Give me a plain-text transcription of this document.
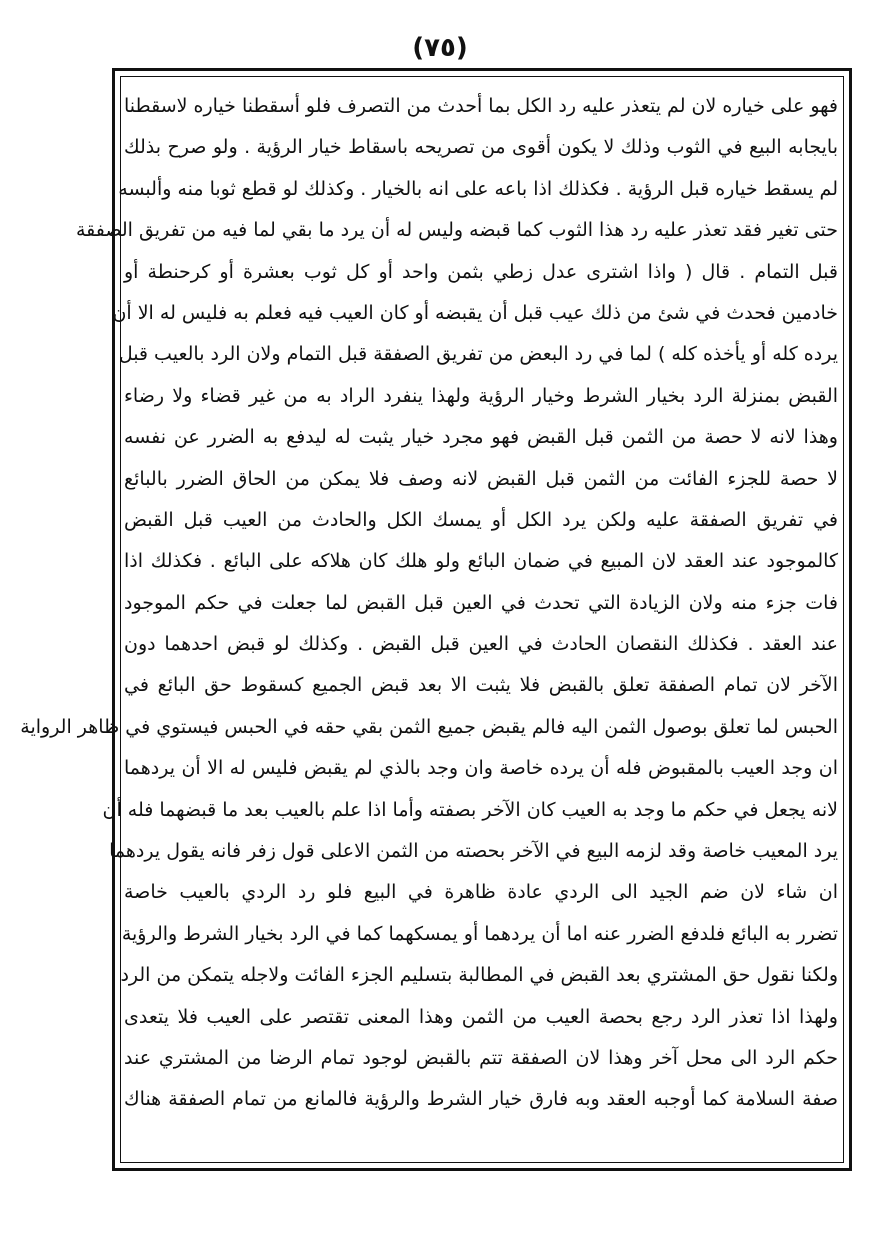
(٧٥)
فهو على خياره لان لم يتعذر عليه رد الكل بما أحدث من التصرف فلو أسقطنا خياره لاسقطنا
بايجابه البيع في الثوب وذلك لا يكون أقوى من تصريحه باسقاط خيار الرؤية . ولو صرح بذلك
لم يسقط خياره قبل الرؤية . فكذلك اذا باعه على انه بالخيار . وكذلك لو قطع ثوبا منه وألبسه
حتى تغير فقد تعذر عليه رد هذا الثوب كما قبضه وليس له أن يرد ما بقي لما فيه من تفريق الصفقة
قبل التمام . قال ( واذا اشترى عدل زطي بثمن واحد أو كل ثوب بعشرة أو كرحنطة أو
خادمين فحدث في شئ من ذلك عيب قبل أن يقبضه أو كان العيب فيه فعلم به فليس له الا أن
يرده كله أو يأخذه كله ) لما في رد البعض من تفريق الصفقة قبل التمام ولان الرد بالعيب قبل
القبض بمنزلة الرد بخيار الشرط وخيار الرؤية ولهذا ينفرد الراد به من غير قضاء ولا رضاء
وهذا لانه لا حصة من الثمن قبل القبض فهو مجرد خيار يثبت له ليدفع به الضرر عن نفسه
لا حصة للجزء الفائت من الثمن قبل القبض لانه وصف فلا يمكن من الحاق الضرر بالبائع
في تفريق الصفقة عليه ولكن يرد الكل أو يمسك الكل والحادث من العيب قبل القبض
كالموجود عند العقد لان المبيع في ضمان البائع ولو هلك كان هلاكه على البائع . فكذلك اذا
فات جزء منه ولان الزيادة التي تحدث في العين قبل القبض لما جعلت في حكم الموجود
عند العقد . فكذلك النقصان الحادث في العين قبل القبض . وكذلك لو قبض احدهما دون
الآخر لان تمام الصفقة تعلق بالقبض فلا يثبت الا بعد قبض الجميع كسقوط حق البائع في
الحبس لما تعلق بوصول الثمن اليه فالم يقبض جميع الثمن بقي حقه في الحبس فيستوي في ظاهر الرواية
ان وجد العيب بالمقبوض فله أن يرده خاصة وان وجد بالذي لم يقبض فليس له الا أن يردهما
لانه يجعل في حكم ما وجد به العيب كان الآخر بصفته وأما اذا علم بالعيب بعد ما قبضهما فله أن
يرد المعيب خاصة وقد لزمه البيع في الآخر بحصته من الثمن الاعلى قول زفر فانه يقول يردهما
ان شاء لان ضم الجيد الى الردي عادة ظاهرة في البيع فلو رد الردي بالعيب خاصة
تضرر به البائع فلدفع الضرر عنه اما أن يردهما أو يمسكهما كما في الرد بخيار الشرط والرؤية
ولكنا نقول حق المشتري بعد القبض في المطالبة بتسليم الجزء الفائت ولاجله يتمكن من الرد
ولهذا اذا تعذر الرد رجع بحصة العيب من الثمن وهذا المعنى تقتصر على العيب فلا يتعدى
حكم الرد الى محل آخر وهذا لان الصفقة تتم بالقبض لوجود تمام الرضا من المشتري عند
صفة السلامة كما أوجبه العقد وبه فارق خيار الشرط والرؤية فالمانع من تمام الصفقة هناك
